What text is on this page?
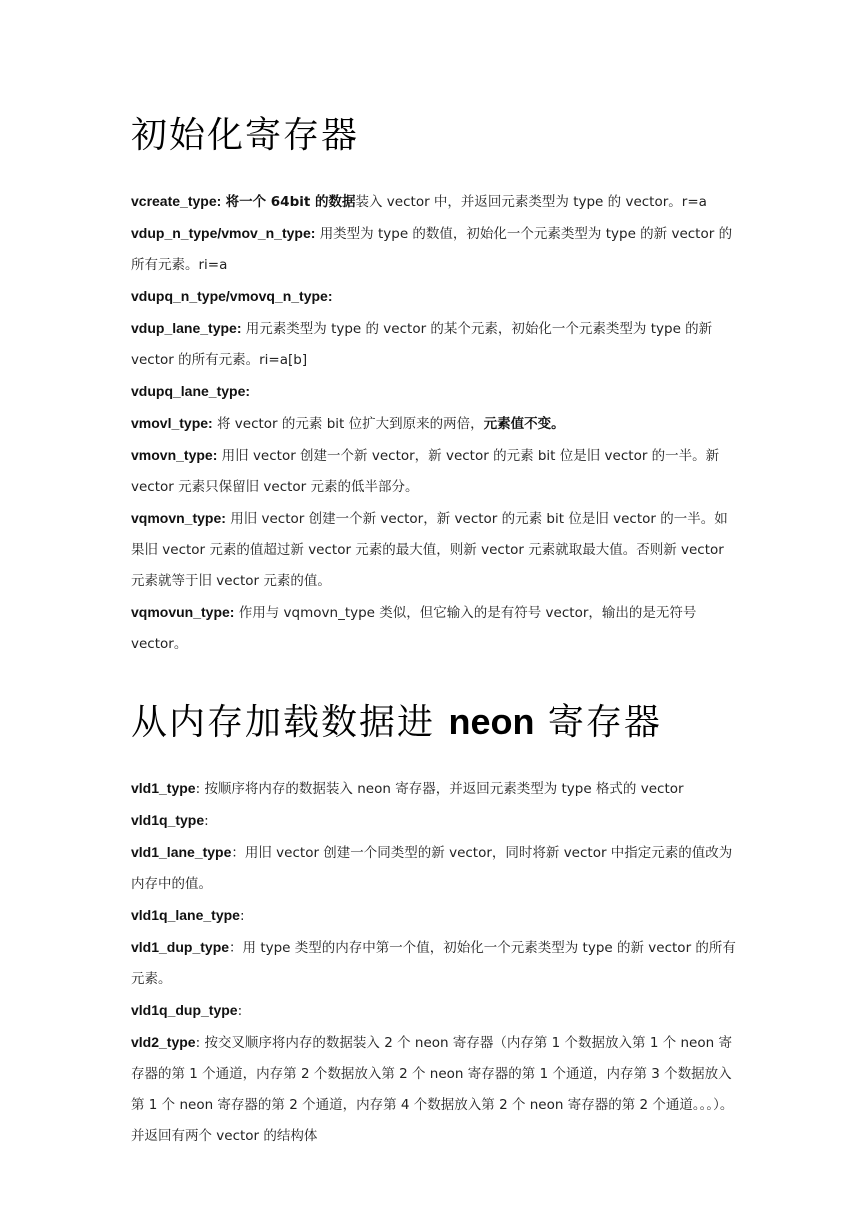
初始化寄存器

vcreate_type: 将一个 64bit 的数据装入 vector 中，并返回元素类型为 type 的 vector。r=a

vdup_n_type/vmov_n_type: 用类型为 type 的数值，初始化一个元素类型为 type 的新 vector 的所有元素。ri=a

vdupq_n_type/vmovq_n_type:

vdup_lane_type: 用元素类型为 type 的 vector 的某个元素，初始化一个元素类型为 type 的新 vector 的所有元素。ri=a[b]

vdupq_lane_type:

vmovl_type: 将 vector 的元素 bit 位扩大到原来的两倍，元素值不变。

vmovn_type: 用旧 vector 创建一个新 vector，新 vector 的元素 bit 位是旧 vector 的一半。新 vector 元素只保留旧 vector 元素的低半部分。

vqmovn_type: 用旧 vector 创建一个新 vector，新 vector 的元素 bit 位是旧 vector 的一半。如果旧 vector 元素的值超过新 vector 元素的最大值，则新 vector 元素就取最大值。否则新 vector 元素就等于旧 vector 元素的值。

vqmovun_type: 作用与 vqmovn_type 类似，但它输入的是有符号 vector，输出的是无符号 vector。

从内存加载数据进 neon 寄存器

vld1_type: 按顺序将内存的数据装入 neon 寄存器，并返回元素类型为 type 格式的 vector

vld1q_type:

vld1_lane_type：用旧 vector 创建一个同类型的新 vector，同时将新 vector 中指定元素的值改为内存中的值。

vld1q_lane_type:

vld1_dup_type：用 type 类型的内存中第一个值，初始化一个元素类型为 type 的新 vector 的所有元素。

vld1q_dup_type:

vld2_type: 按交叉顺序将内存的数据装入 2 个 neon 寄存器（内存第 1 个数据放入第 1 个 neon 寄存器的第 1 个通道，内存第 2 个数据放入第 2 个 neon 寄存器的第 1 个通道，内存第 3 个数据放入第 1 个 neon 寄存器的第 2 个通道，内存第 4 个数据放入第 2 个 neon 寄存器的第 2 个通道。。。）。并返回有两个 vector 的结构体
